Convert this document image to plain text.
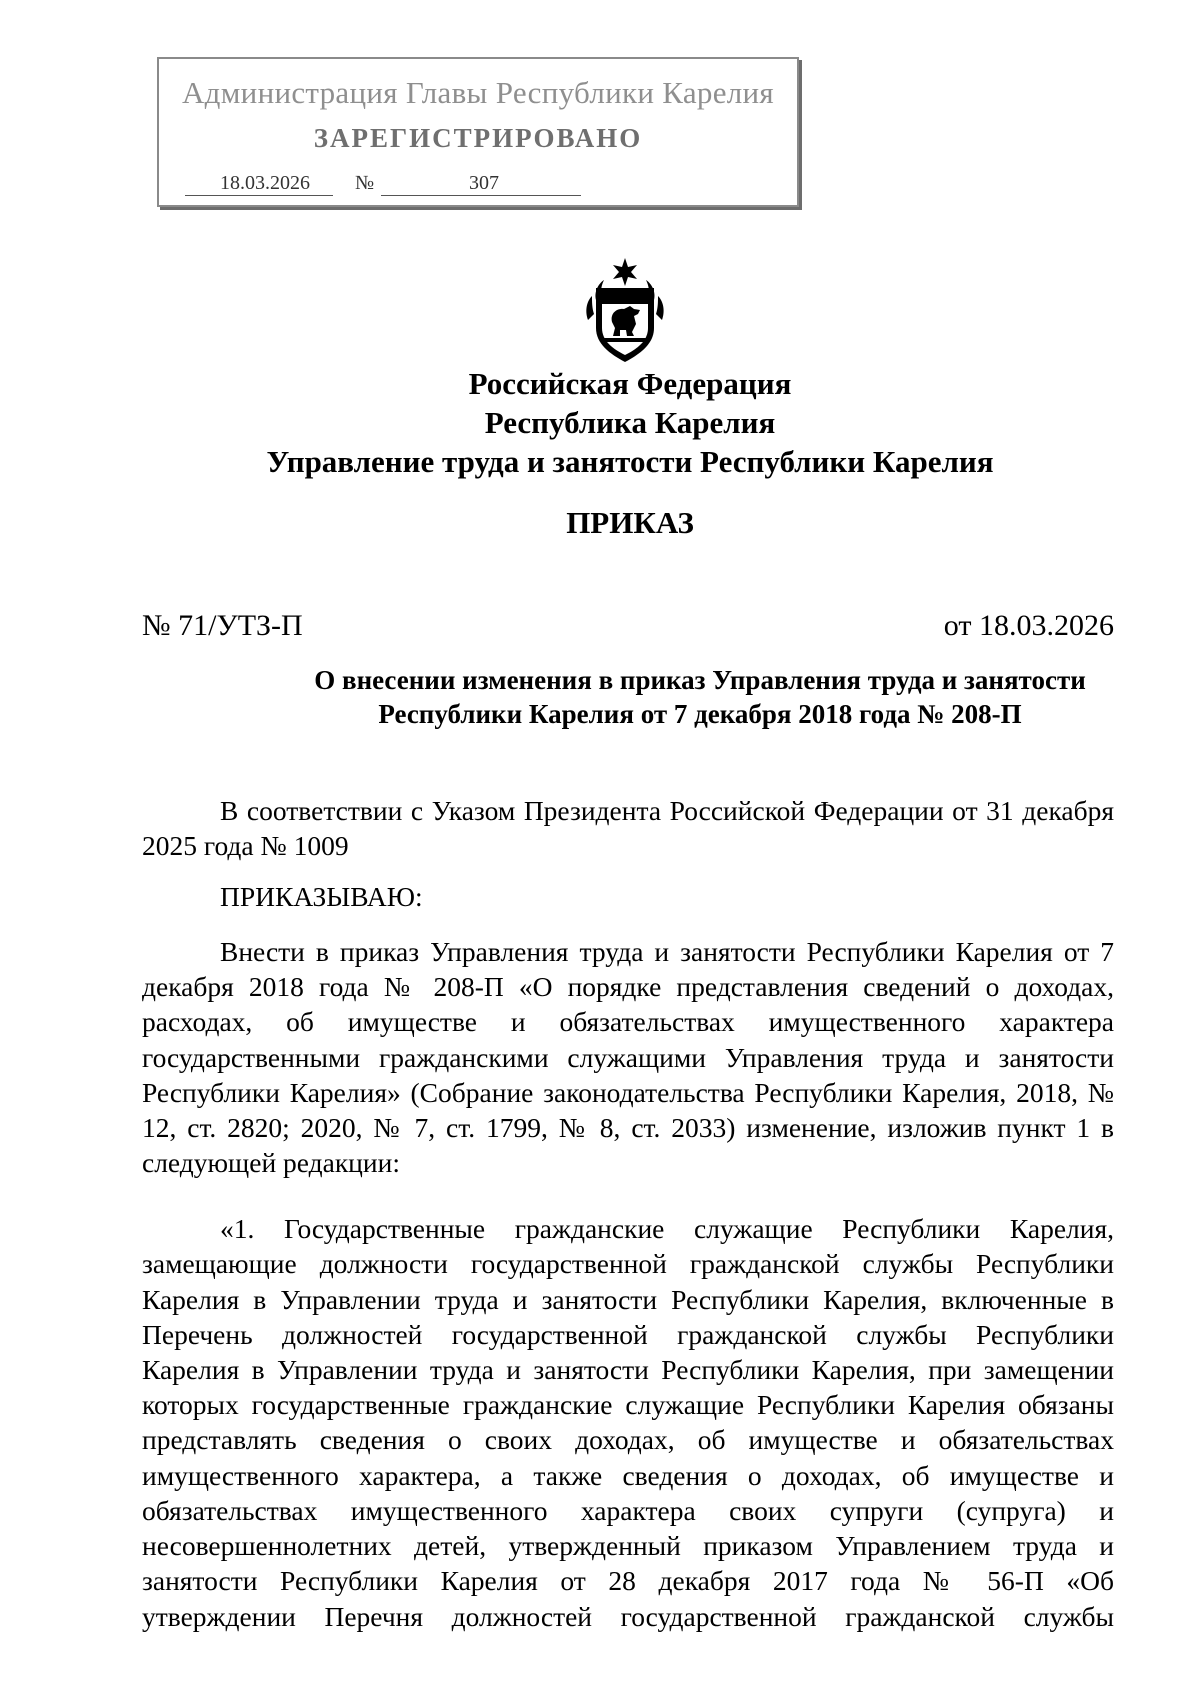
Администрация Главы Республики Карелия
ЗАРЕГИСТРИРОВАНО
18.03.2026 №	307
Российская Федерация
Республика Карелия
Управление труда и занятости Республики Карелия
ПРИКАЗ
№ 71/УТЗ-П	от 18.03.2026
О внесении изменения в приказ Управления труда и занятости
Республики Карелия от 7 декабря 2018 года № 208-П
В соответствии с Указом Президента Российской Федерации от 31 декабря 2025 года № 1009
ПРИКАЗЫВАЮ:
Внести в приказ Управления труда и занятости Республики Карелия от 7 декабря 2018 года № 208-П «О порядке представления сведений о доходах, расходах, об имуществе и обязательствах имущественного характера государственными гражданскими служащими Управления труда и занятости Республики Карелия» (Собрание законодательства Республики Карелия, 2018, № 12, ст. 2820; 2020, № 7, ст. 1799, № 8, ст. 2033) изменение, изложив пункт 1 в следующей редакции:
«1. Государственные гражданские служащие Республики Карелия,
замещающие должности государственной гражданской службы Республики
Карелия в Управлении труда и занятости Республики Карелия, включенные в
Перечень должностей государственной гражданской службы Республики
Карелия в Управлении труда и занятости Республики Карелия, при замещении
которых государственные гражданские служащие Республики Карелия обязаны
представлять сведения о своих доходах, об имуществе и обязательствах
имущественного характера, а также сведения о доходах, об имуществе и
обязательствах имущественного характера своих супруги (супруга) и
несовершеннолетних детей, утвержденный приказом Управлением труда и
занятости Республики Карелия от 28 декабря 2017 года № 56-П «Об
утверждении Перечня должностей государственной гражданской службы
